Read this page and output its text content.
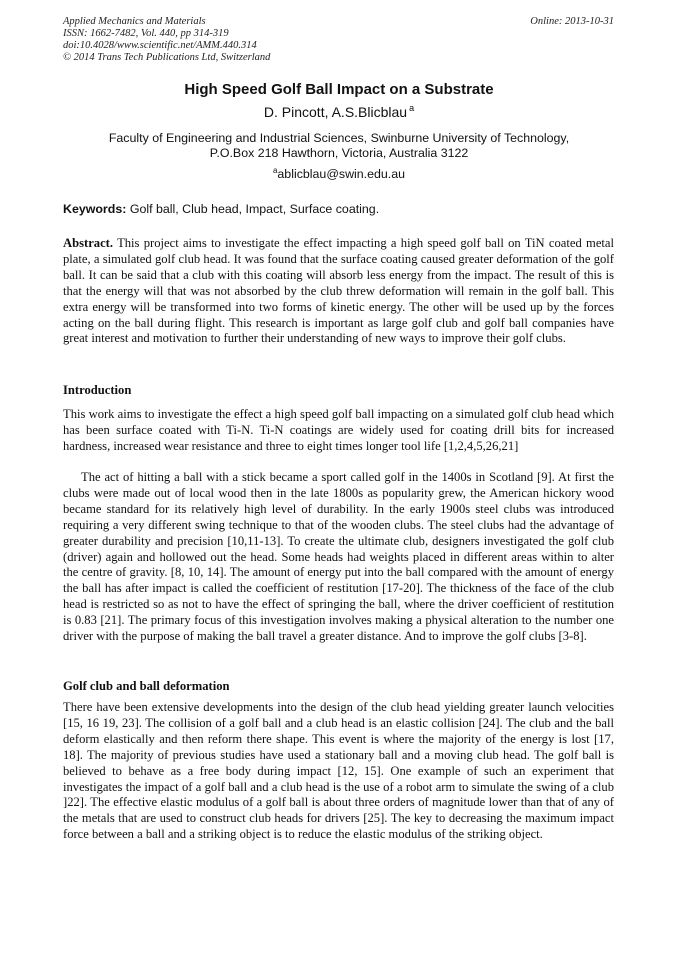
Applied Mechanics and Materials
ISSN: 1662-7482, Vol. 440, pp 314-319
doi:10.4028/www.scientific.net/AMM.440.314
© 2014 Trans Tech Publications Ltd, Switzerland
Online: 2013-10-31
High Speed Golf Ball Impact on a Substrate
D. Pincott, A.S.Blicblau $^a$
Faculty of Engineering and Industrial Sciences, Swinburne University of Technology,
P.O.Box 218 Hawthorn, Victoria, Australia 3122
$^a$ablicblau@swin.edu.au
Keywords: Golf ball, Club head, Impact, Surface coating.

Abstract. This project aims to investigate the effect impacting a high speed golf ball on TiN coated metal plate, a simulated golf club head. It was found that the surface coating caused greater deformation of the golf ball. It can be said that a club with this coating will absorb less energy from the impact. The result of this is that the energy will that was not absorbed by the club threw deformation will remain in the golf ball. This extra energy will be transformed into two forms of kinetic energy. The other will be used up by the forces acting on the ball during flight. This research is important as large golf club and golf ball companies have great interest and motivation to further their understanding of new ways to improve their golf clubs.

Introduction

This work aims to investigate the effect a high speed golf ball impacting on a simulated golf club head which has been surface coated with Ti-N. Ti-N coatings are widely used for coating drill bits for increased hardness, increased wear resistance and three to eight times longer tool life [1,2,4,5,26,21]

The act of hitting a ball with a stick became a sport called golf in the 1400s in Scotland [9]. At first the clubs were made out of local wood then in the late 1800s as popularity grew, the American hickory wood became standard for its relatively high level of durability. In the early 1900s steel clubs was introduced requiring a very different swing technique to that of the wooden clubs. The steel clubs had the advantage of greater durability and precision [10,11-13]. To create the ultimate club, designers investigated the golf club (driver) again and hollowed out the head. Some heads had weights placed in different areas within to alter the centre of gravity. [8, 10, 14]. The amount of energy put into the ball compared with the amount of energy the ball has after impact is called the coefficient of restitution [17-20]. The thickness of the face of the club head is restricted so as not to have the effect of springing the ball, where the driver coefficient of restitution is 0.83 [21]. The primary focus of this investigation involves making a physical alteration to the number one driver with the purpose of making the ball travel a greater distance. And to improve the golf clubs [3-8].

Golf club and ball deformation

There have been extensive developments into the design of the club head yielding greater launch velocities [15, 16 19, 23]. The collision of a golf ball and a club head is an elastic collision [24]. The club and the ball deform elastically and then reform there shape. This event is where the majority of the energy is lost [17, 18]. The majority of previous studies have used a stationary ball and a moving club head. The golf ball is believed to behave as a free body during impact [12, 15]. One example of such an experiment that investigates the impact of a golf ball and a club head is the use of a robot arm to simulate the swing of a club ]22]. The effective elastic modulus of a golf ball is about three orders of magnitude lower than that of any of the metals that are used to construct club heads for drivers [25]. The key to decreasing the maximum impact force between a ball and a striking object is to reduce the elastic modulus of the striking object.
